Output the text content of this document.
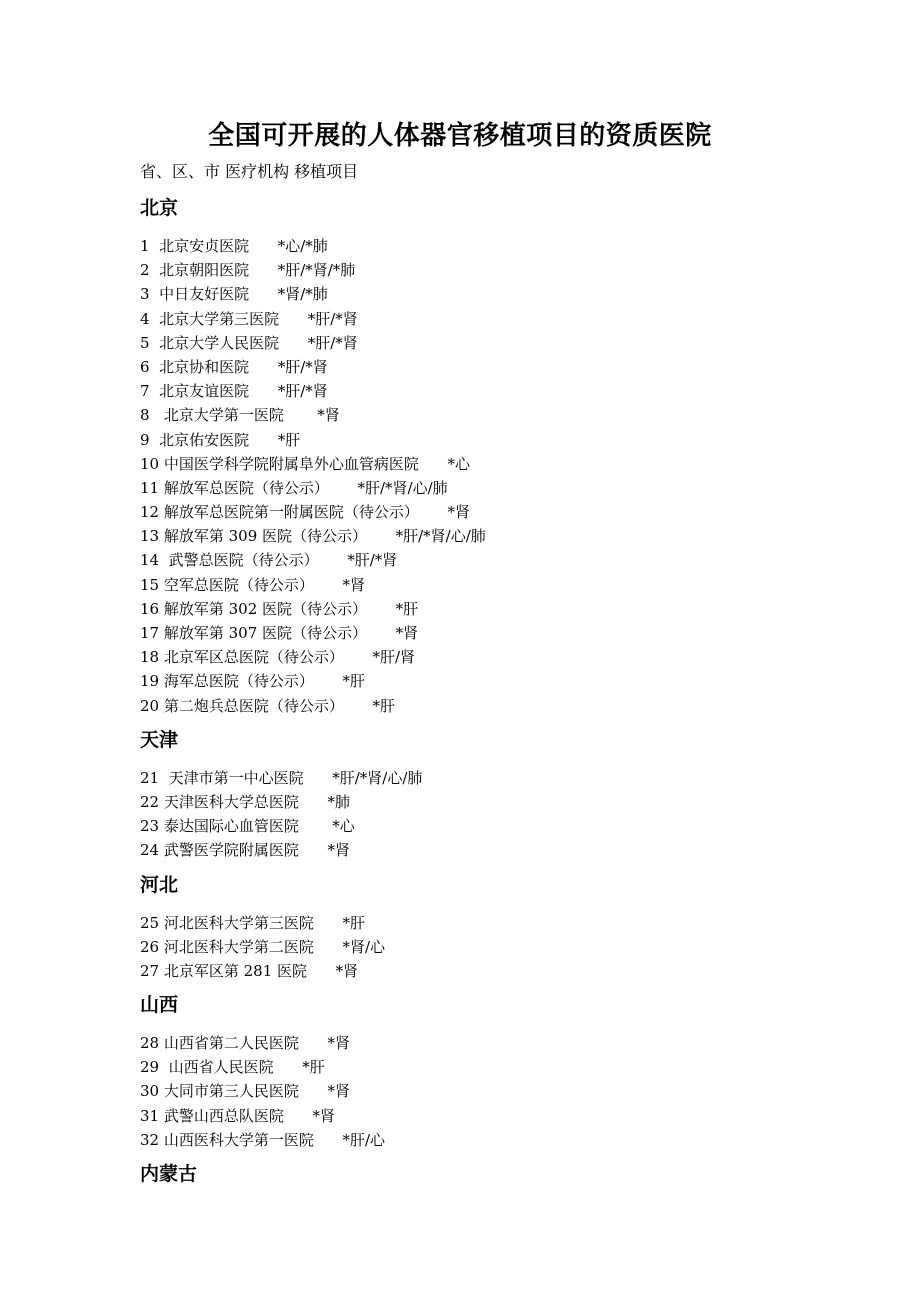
全国可开展的人体器官移植项目的资质医院
省、区、市 医疗机构 移植项目
北京
1  北京安贞医院      *心/*肺
2  北京朝阳医院      *肝/*肾/*肺
3  中日友好医院      *肾/*肺
4  北京大学第三医院      *肝/*肾
5  北京大学人民医院      *肝/*肾
6  北京协和医院      *肝/*肾
7  北京友谊医院      *肝/*肾
8   北京大学第一医院       *肾
9  北京佑安医院      *肝
10 中国医学科学院附属阜外心血管病医院      *心
11 解放军总医院（待公示）      *肝/*肾/心/肺
12 解放军总医院第一附属医院（待公示）      *肾
13 解放军第 309 医院（待公示）      *肝/*肾/心/肺
14  武警总医院（待公示）      *肝/*肾
15 空军总医院（待公示）      *肾
16 解放军第 302 医院（待公示）      *肝
17 解放军第 307 医院（待公示）      *肾
18 北京军区总医院（待公示）      *肝/肾
19 海军总医院（待公示）      *肝
20 第二炮兵总医院（待公示）      *肝
天津
21  天津市第一中心医院      *肝/*肾/心/肺
22 天津医科大学总医院      *肺
23 泰达国际心血管医院       *心
24 武警医学院附属医院      *肾
河北
25 河北医科大学第三医院      *肝
26 河北医科大学第二医院      *肾/心
27 北京军区第 281 医院      *肾
山西
28 山西省第二人民医院      *肾
29  山西省人民医院      *肝
30 大同市第三人民医院      *肾
31 武警山西总队医院      *肾
32 山西医科大学第一医院      *肝/心
内蒙古
